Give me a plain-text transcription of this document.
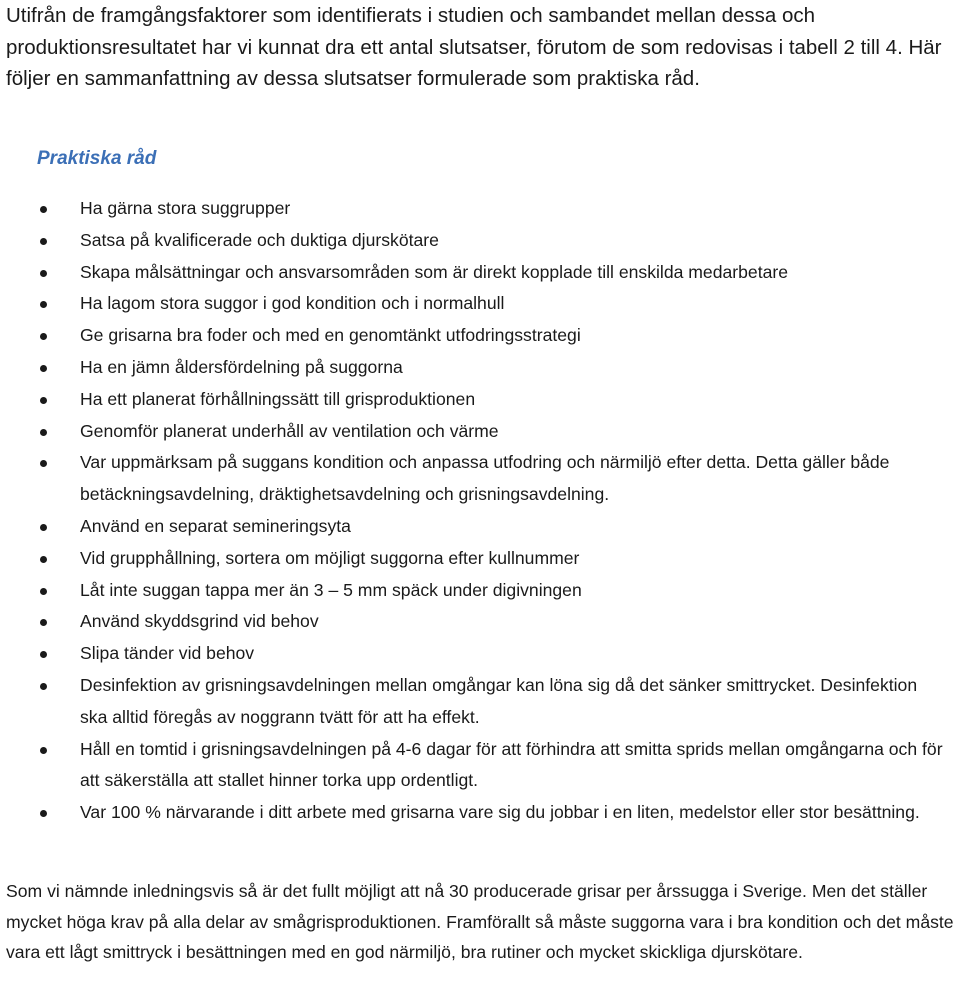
Utifrån de framgångsfaktorer som identifierats i studien och sambandet mellan dessa och produktionsresultatet har vi kunnat dra ett antal slutsatser, förutom de som redovisas i tabell 2 till 4. Här följer en sammanfattning av dessa slutsatser formulerade som praktiska råd.

Praktiska råd
Ha gärna stora suggrupper
Satsa på kvalificerade och duktiga djurskötare
Skapa målsättningar och ansvarsområden som är direkt kopplade till enskilda medarbetare
Ha lagom stora suggor i god kondition och i normalhull
Ge grisarna bra foder och med en genomtänkt utfodringsstrategi
Ha en jämn åldersfördelning på suggorna
Ha ett planerat förhållningssätt till grisproduktionen
Genomför planerat underhåll av ventilation och värme
Var uppmärksam på suggans kondition och anpassa utfodring och närmiljö efter detta. Detta gäller både betäckningsavdelning, dräktighetsavdelning och grisningsavdelning.
Använd en separat semineringsyta
Vid grupphållning, sortera om möjligt suggorna efter kullnummer
Låt inte suggan tappa mer än 3 – 5 mm späck under digivningen
Använd skyddsgrind vid behov
Slipa tänder vid behov
Desinfektion av grisningsavdelningen mellan omgångar kan löna sig då det sänker smittrycket. Desinfektion ska alltid föregås av noggrann tvätt för att ha effekt.
Håll en tomtid i grisningsavdelningen på 4-6 dagar för att förhindra att smitta sprids mellan omgångarna och för att säkerställa att stallet hinner torka upp ordentligt.
Var 100 % närvarande i ditt arbete med grisarna vare sig du jobbar i en liten, medelstor eller stor besättning.

Som vi nämnde inledningsvis så är det fullt möjligt att nå 30 producerade grisar per årssugga i Sverige. Men det ställer mycket höga krav på alla delar av smågrisproduktionen. Framförallt så måste suggorna vara i bra kondition och det måste vara ett lågt smittryck i besättningen med en god närmiljö, bra rutiner och mycket skickliga djurskötare.
